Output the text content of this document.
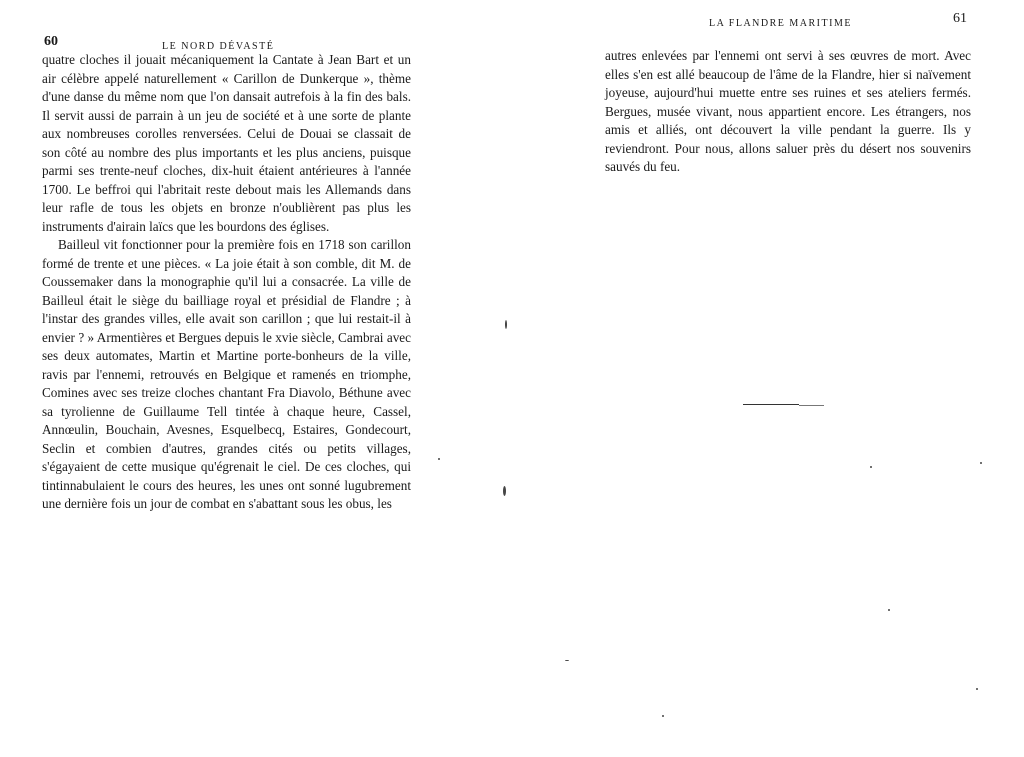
60	LE NORD DÉVASTÉ

quatre cloches il jouait mécaniquement la Cantate à Jean Bart et un air célèbre appelé naturellement « Carillon de Dunkerque », thème d'une danse du même nom que l'on dansait autrefois à la fin des bals. Il servit aussi de parrain à un jeu de société et à une sorte de plante aux nombreuses corolles renversées. Celui de Douai se classait de son côté au nombre des plus importants et les plus anciens, puisque parmi ses trente-neuf cloches, dix-huit étaient antérieures à l'année 1700. Le beffroi qui l'abritait reste debout mais les Allemands dans leur rafle de tous les objets en bronze n'oublièrent pas plus les instruments d'airain laïcs que les bourdons des églises.

Bailleul vit fonctionner pour la première fois en 1718 son carillon formé de trente et une pièces. « La joie était à son comble, dit M. de Coussemaker dans la monographie qu'il lui a consacrée. La ville de Bailleul était le siège du bailliage royal et présidial de Flandre ; à l'instar des grandes villes, elle avait son carillon ; que lui restait-il à envier ? » Armentières et Bergues depuis le xvie siècle, Cambrai avec ses deux automates, Martin et Martine porte-bonheurs de la ville, ravis par l'ennemi, retrouvés en Belgique et ramenés en triomphe, Comines avec ses treize cloches chantant Fra Diavolo, Béthune avec sa tyrolienne de Guillaume Tell tintée à chaque heure, Cassel, Annœulin, Bouchain, Avesnes, Esquelbecq, Estaires, Gondecourt, Seclin et combien d'autres, grandes cités ou petits villages, s'égayaient de cette musique qu'égrenait le ciel. De ces cloches, qui tintinnabulaient le cours des heures, les unes ont sonné lugubrement une dernière fois un jour de combat en s'abattant sous les obus, les

LA FLANDRE MARITIME	61

autres enlevées par l'ennemi ont servi à ses œuvres de mort. Avec elles s'en est allé beaucoup de l'âme de la Flandre, hier si naïvement joyeuse, aujourd'hui muette entre ses ruines et ses ateliers fermés. Bergues, musée vivant, nous appartient encore. Les étrangers, nos amis et alliés, ont découvert la ville pendant la guerre. Ils y reviendront. Pour nous, allons saluer près du désert nos souvenirs sauvés du feu.
